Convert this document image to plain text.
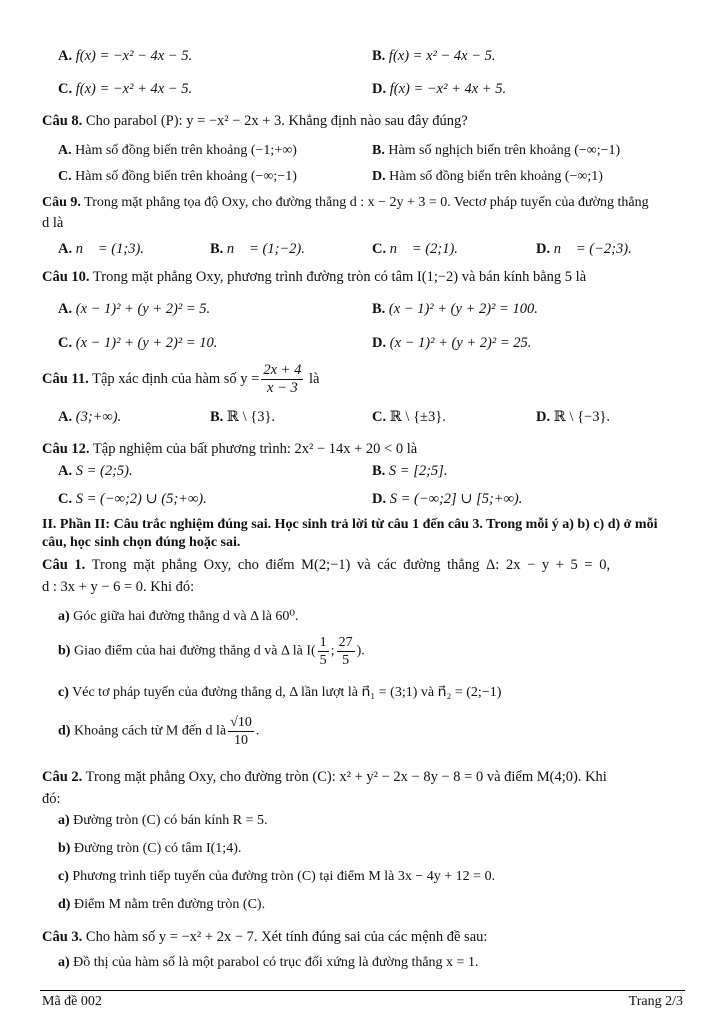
A. f(x) = −x² − 4x − 5.	B. f(x) = x² − 4x − 5.
C. f(x) = −x² + 4x − 5.	D. f(x) = −x² + 4x + 5.
Câu 8. Cho parabol (P): y = −x² − 2x + 3. Khẳng định nào sau đây đúng?
A. Hàm số đồng biến trên khoảng (−1;+∞)	B. Hàm số nghịch biến trên khoảng (−∞;−1)
C. Hàm số đồng biến trên khoảng (−∞;−1)	D. Hàm số đồng biến trên khoảng (−∞;1)
Câu 9. Trong mặt phẳng tọa độ Oxy, cho đường thẳng d : x − 2y + 3 = 0. Vectơ pháp tuyến của đường thẳng
d là
A. n⃗ = (1;3).	B. n⃗ = (1;−2).	C. n⃗ = (2;1).	D. n⃗ = (−2;3).
Câu 10. Trong mặt phẳng Oxy, phương trình đường tròn có tâm I(1;−2) và bán kính bằng 5 là
A. (x − 1)² + (y + 2)² = 5.	B. (x − 1)² + (y + 2)² = 100.
C. (x − 1)² + (y + 2)² = 10.	D. (x − 1)² + (y + 2)² = 25.
Câu 11. Tập xác định của hàm số $y = \frac{2x + 4}{x - 3}$ là
A. (3;+∞).	B. ℝ \ {3}.	C. ℝ \ {±3}.	D. ℝ \ {−3}.
Câu 12. Tập nghiệm của bất phương trình: 2x² − 14x + 20 < 0 là
A. S = (2;5).	B. S = [2;5].
C. S = (−∞;2) ∪ (5;+∞).	D. S = (−∞;2] ∪ [5;+∞).
II. Phần II: Câu trắc nghiệm đúng sai. Học sinh trả lời từ câu 1 đến câu 3. Trong mỗi ý a) b) c) d) ở mỗi
câu, học sinh chọn đúng hoặc sai.
Câu 1. Trong mặt phẳng Oxy, cho điểm M(2;−1) và các đường thẳng Δ: 2x − y + 5 = 0,
d : 3x + y − 6 = 0. Khi đó:
a) Góc giữa hai đường thẳng d và Δ là 60⁰.
b) Giao điểm của hai đường thẳng d và Δ là $I( \frac{1}{5}$ ; $\frac{27}{5}$ ).
c) Véc tơ pháp tuyến của đường thẳng d, Δ lần lượt là n⃗₁ = (3;1) và n⃗₂ = (2;−1)
d) Khoảng cách từ M đến d là $\frac{√10}{10}$ .
Câu 2. Trong mặt phẳng Oxy, cho đường tròn (C): x² + y² − 2x − 8y − 8 = 0 và điểm M(4;0). Khi
đó:
a) Đường tròn (C) có bán kính R = 5.
b) Đường tròn (C) có tâm I(1;4).
c) Phương trình tiếp tuyến của đường tròn (C) tại điểm M là 3x − 4y + 12 = 0.
d) Điểm M nằm trên đường tròn (C).
Câu 3. Cho hàm số y = −x² + 2x − 7. Xét tính đúng sai của các mệnh đề sau:
a) Đồ thị của hàm số là một parabol có trục đối xứng là đường thẳng x = 1.
Mã đề 002	Trang 2/3
